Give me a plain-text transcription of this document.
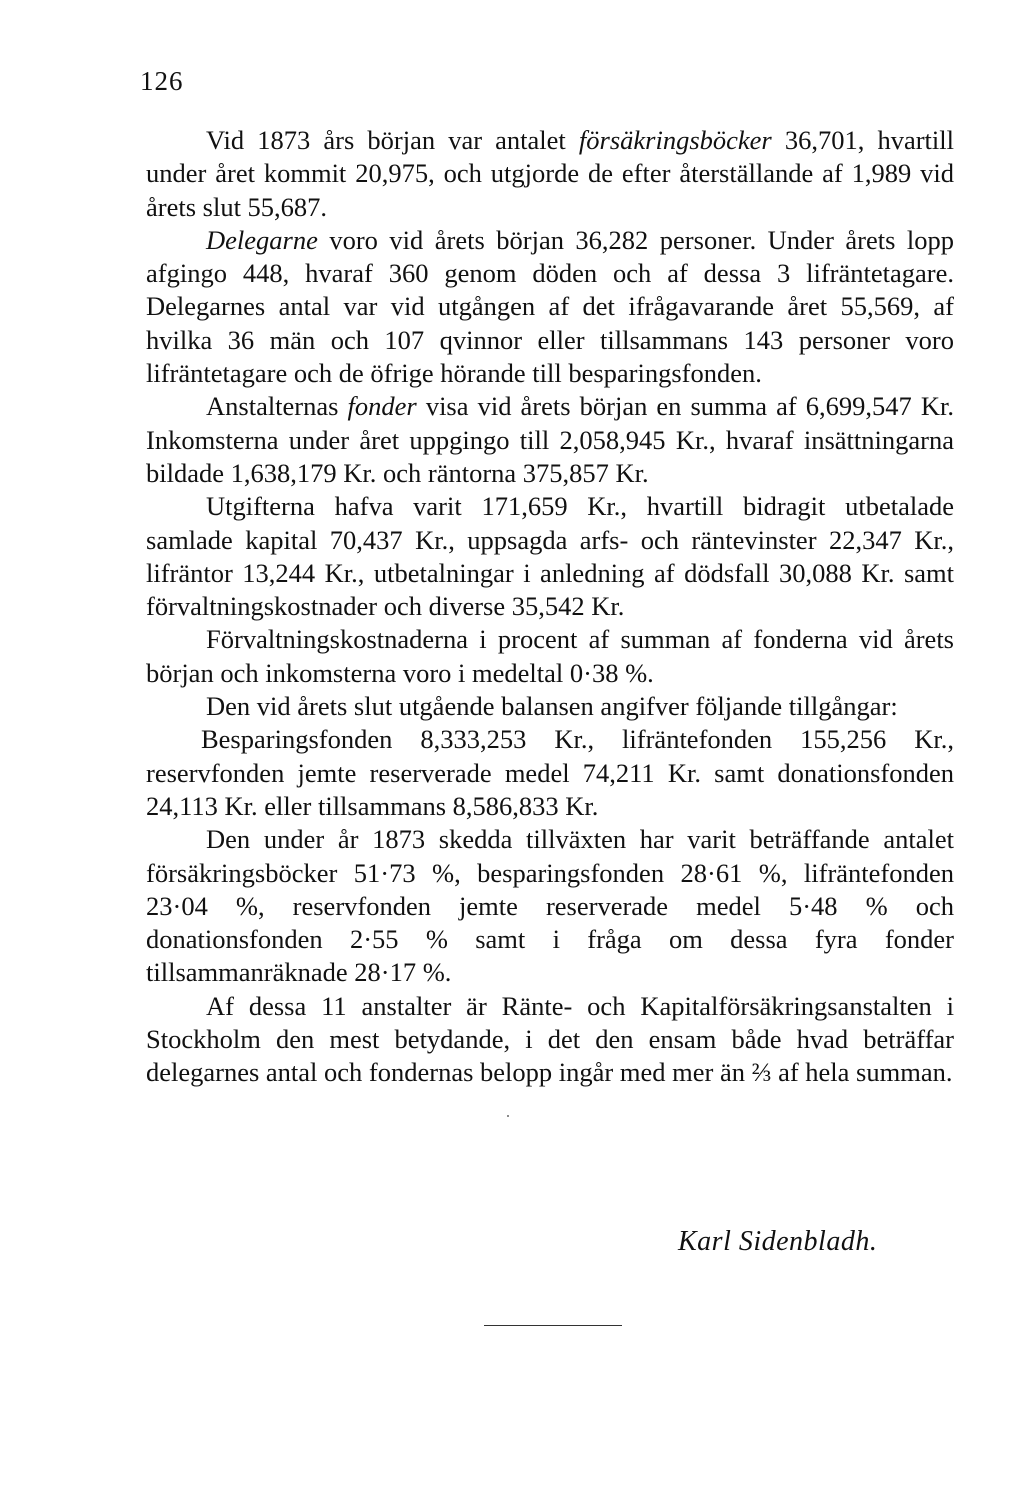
126

Vid 1873 års början var antalet försäkringsböcker 36,701, hvartill under året kommit 20,975, och utgjorde de efter återställande af 1,989 vid årets slut 55,687.

Delegarne voro vid årets början 36,282 personer. Under årets lopp afgingo 448, hvaraf 360 genom döden och af dessa 3 lifräntetagare. Delegarnes antal var vid utgången af det ifrågavarande året 55,569, af hvilka 36 män och 107 qvinnor eller tillsammans 143 personer voro lifräntetagare och de öfrige hörande till besparingsfonden.

Anstalternas fonder visa vid årets början en summa af 6,699,547 Kr. Inkomsterna under året uppgingo till 2,058,945 Kr., hvaraf insättningarna bildade 1,638,179 Kr. och räntorna 375,857 Kr.

Utgifterna hafva varit 171,659 Kr., hvartill bidragit utbetalade samlade kapital 70,437 Kr., uppsagda arfs- och räntevinster 22,347 Kr., lifräntor 13,244 Kr., utbetalningar i anledning af dödsfall 30,088 Kr. samt förvaltningskostnader och diverse 35,542 Kr.

Förvaltningskostnaderna i procent af summan af fonderna vid årets början och inkomsterna voro i medeltal 0·38 %.

Den vid årets slut utgående balansen angifver följande tillgångar:

Besparingsfonden 8,333,253 Kr., lifräntefonden 155,256 Kr., reservfonden jemte reserverade medel 74,211 Kr. samt donationsfonden 24,113 Kr. eller tillsammans 8,586,833 Kr.

Den under år 1873 skedda tillväxten har varit beträffande antalet försäkringsböcker 51·73 %, besparingsfonden 28·61 %, lifräntefonden 23·04 %, reservfonden jemte reserverade medel 5·48 % och donationsfonden 2·55 % samt i fråga om dessa fyra fonder tillsammanräknade 28·17 %.

Af dessa 11 anstalter är Ränte- och Kapitalförsäkringsanstalten i Stockholm den mest betydande, i det den ensam både hvad beträffar delegarnes antal och fondernas belopp ingår med mer än ⅔ af hela summan.

Karl Sidenbladh.
